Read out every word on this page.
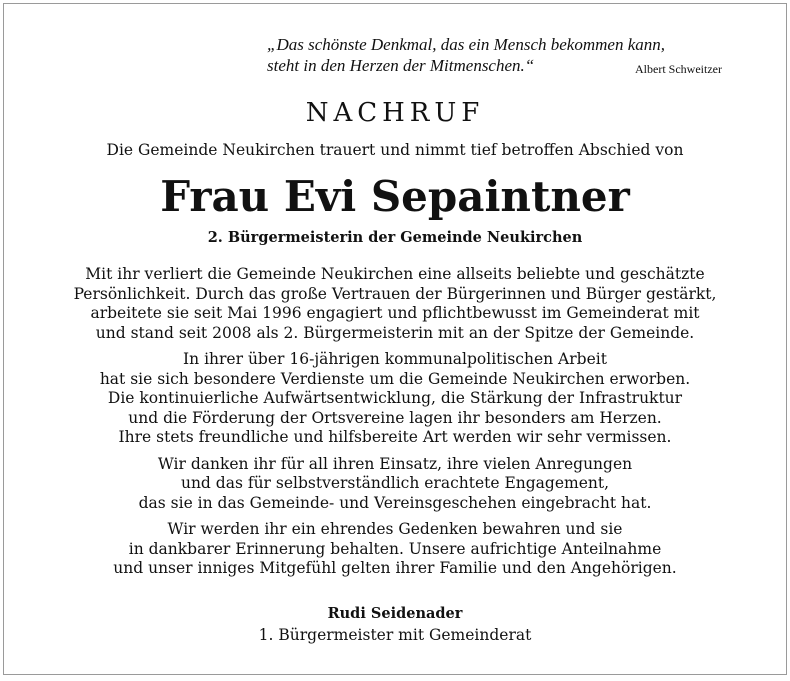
„Das schönste Denkmal, das ein Mensch bekommen kann,
steht in den Herzen der Mitmenschen.“	Albert Schweitzer
NACHRUF

Die Gemeinde Neukirchen trauert und nimmt tief betroffen Abschied von

Frau Evi Sepaintner

2. Bürgermeisterin der Gemeinde Neukirchen

Mit ihr verliert die Gemeinde Neukirchen eine allseits beliebte und geschätzte
Persönlichkeit. Durch das große Vertrauen der Bürgerinnen und Bürger gestärkt,
arbeitete sie seit Mai 1996 engagiert und pflichtbewusst im Gemeinderat mit
und stand seit 2008 als 2. Bürgermeisterin mit an der Spitze der Gemeinde.

In ihrer über 16-jährigen kommunalpolitischen Arbeit
hat sie sich besondere Verdienste um die Gemeinde Neukirchen erworben.
Die kontinuierliche Aufwärtsentwicklung, die Stärkung der Infrastruktur
und die Förderung der Ortsvereine lagen ihr besonders am Herzen.
Ihre stets freundliche und hilfsbereite Art werden wir sehr vermissen.

Wir danken ihr für all ihren Einsatz, ihre vielen Anregungen
und das für selbstverständlich erachtete Engagement,
das sie in das Gemeinde- und Vereinsgeschehen eingebracht hat.

Wir werden ihr ein ehrendes Gedenken bewahren und sie
in dankbarer Erinnerung behalten. Unsere aufrichtige Anteilnahme
und unser inniges Mitgefühl gelten ihrer Familie und den Angehörigen.

Rudi Seidenader

1. Bürgermeister mit Gemeinderat
